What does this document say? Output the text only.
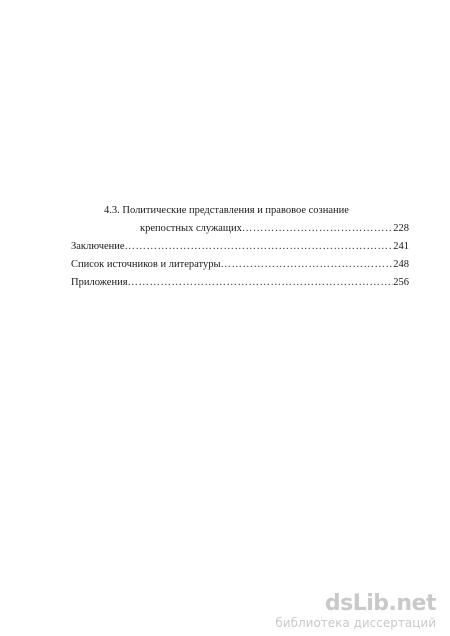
4.3. Политические представления и правовое сознание
крепостных служащих …………………………………………………………………………………………………………………………………………………………	228
Заключение …………………………………………………………………………………………………………………………………………………………	241
Список источников и литературы …………………………………………………………………………………………………………………………………………………………	248
Приложения …………………………………………………………………………………………………………………………………………………………	256
dsLib.net
библиотека диссертаций
